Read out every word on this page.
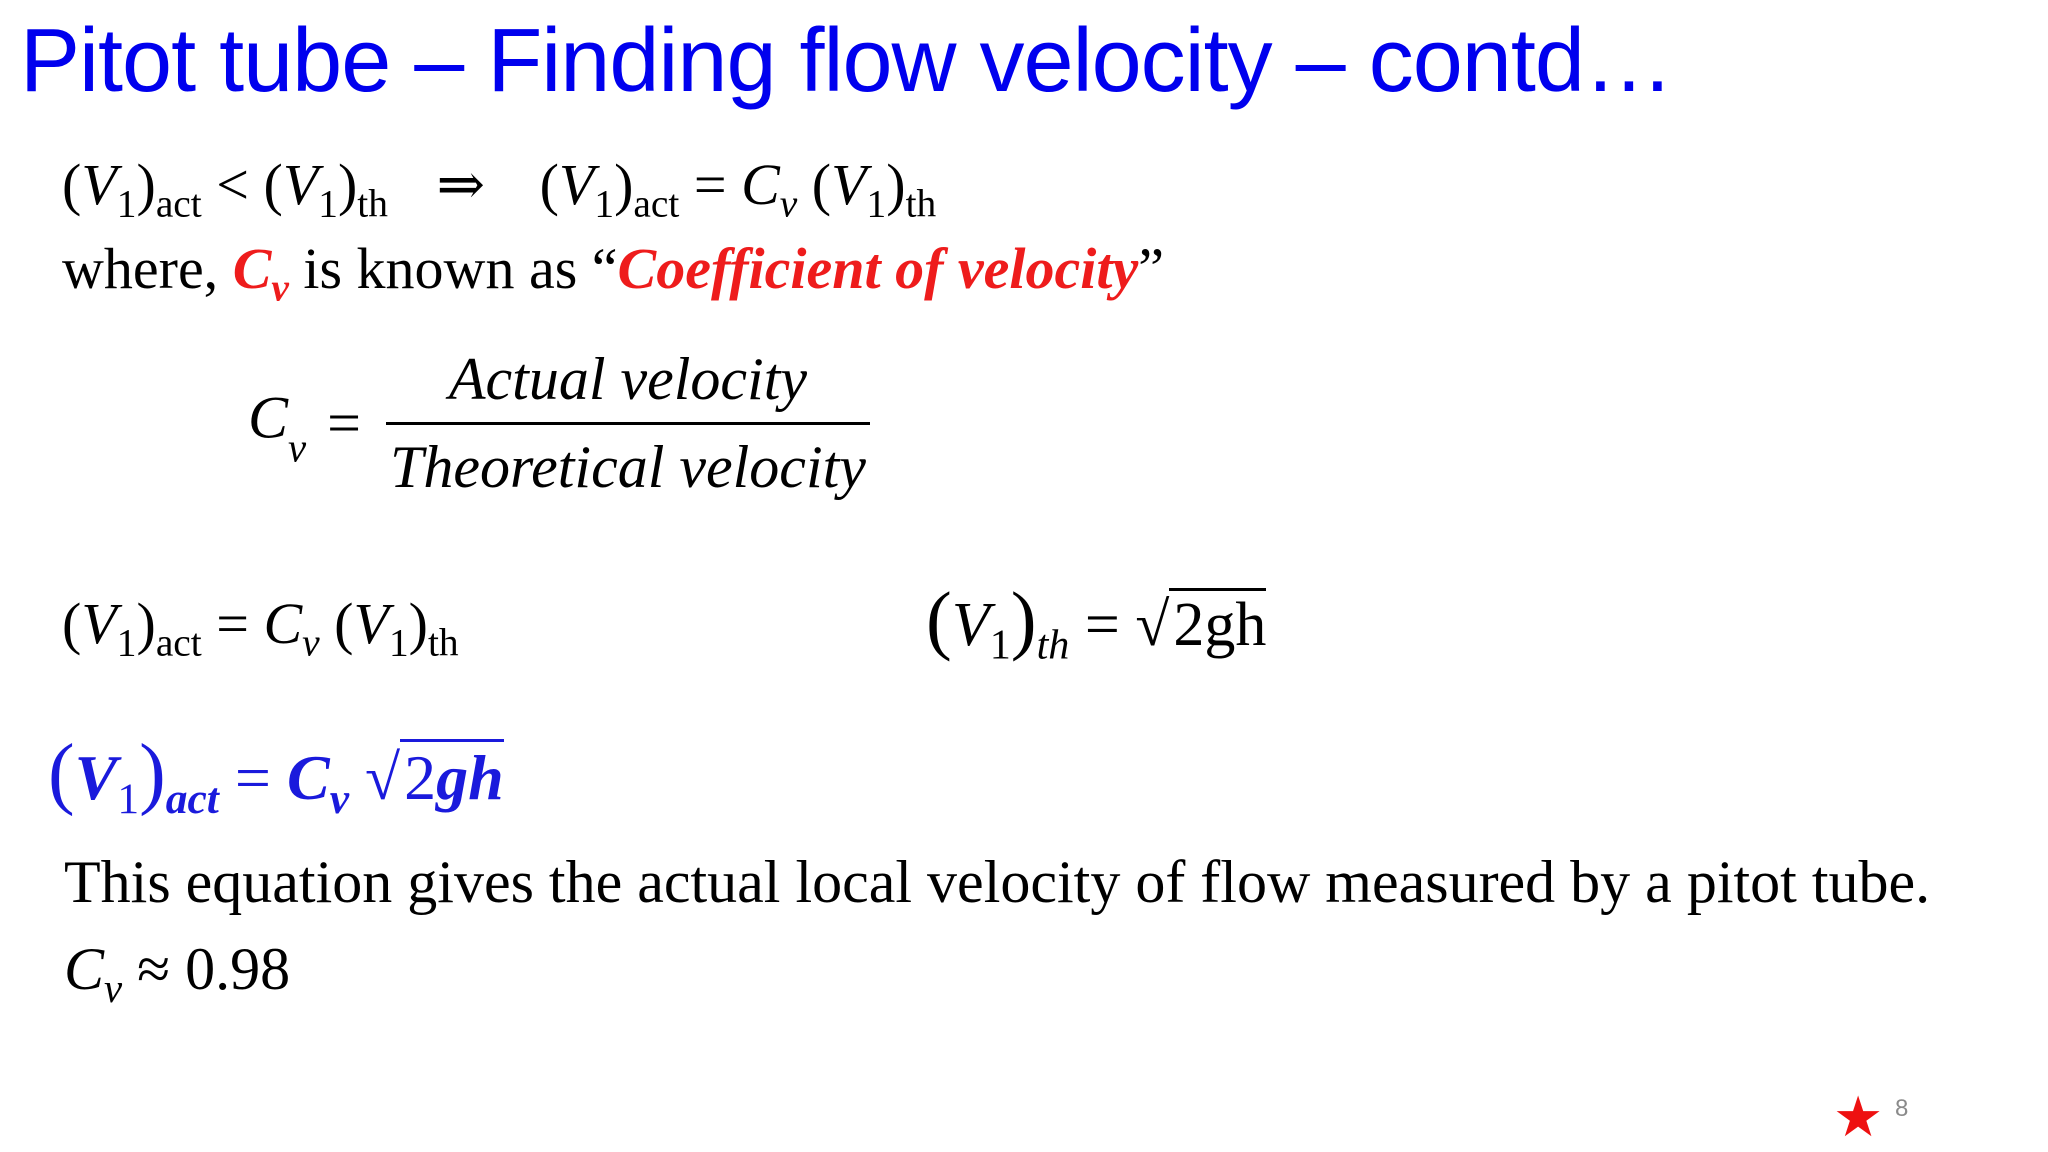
Pitot tube – Finding flow velocity – contd…
$(V_1)_{act} < (V_1)_{th}$ ⇒ $(V_1)_{act} = C_v$ $(V_1)_{th}$
where, $C_v$ is known as “Coefficient of velocity”
$C_v = \frac{\text{Actual velocity}}{\text{Theoretical velocity}}$
$(V_1)_{act} = C_v$ $(V_1)_{th}$	$(V_1)_{th} = √2gh$
$(V_1)_{act} = C_v$ √2gh
This equation gives the actual local velocity of flow measured by a pitot tube.
$C_v \approx 0.98$
★ 8
